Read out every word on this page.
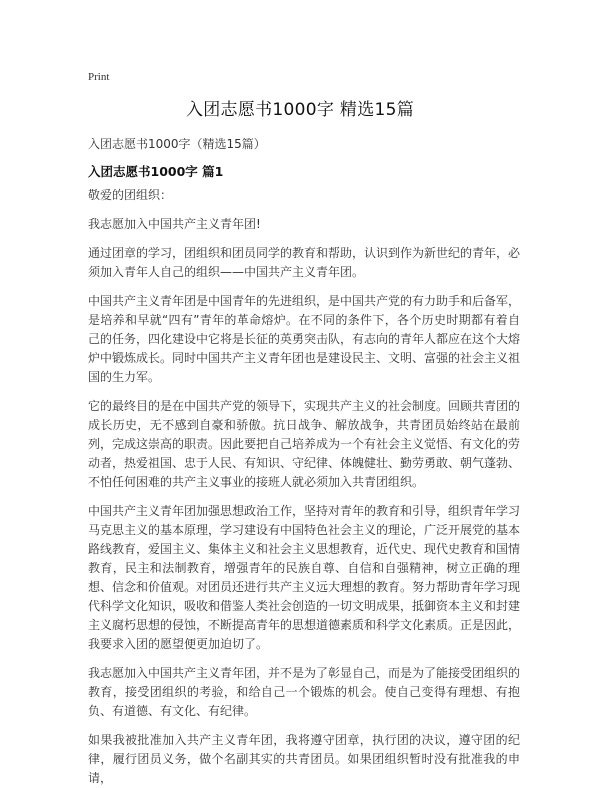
Print
入团志愿书1000字 精选15篇
入团志愿书1000字（精选15篇）
入团志愿书1000字 篇1

敬爱的团组织：

我志愿加入中国共产主义青年团!

通过团章的学习，团组织和团员同学的教育和帮助，认识到作为新世纪的青年，必须加入青年人自己的组织——中国共产主义青年团。

中国共产主义青年团是中国青年的先进组织，是中国共产党的有力助手和后备军，是培养和早就“四有”青年的革命熔炉。在不同的条件下，各个历史时期都有着自己的任务，四化建设中它将是长征的英勇突击队，有志向的青年人都应在这个大熔炉中锻炼成长。同时中国共产主义青年团也是建设民主、文明、富强的社会主义祖国的生力军。

它的最终目的是在中国共产党的领导下，实现共产主义的社会制度。回顾共青团的成长历史，无不感到自豪和骄傲。抗日战争、解放战争，共青团员始终站在最前列，完成这崇高的职责。因此要把自己培养成为一个有社会主义觉悟、有文化的劳动者，热爱祖国、忠于人民、有知识、守纪律、体魄健壮、勤劳勇敢、朝气蓬勃、不怕任何困难的共产主义事业的接班人就必须加入共青团组织。

中国共产主义青年团加强思想政治工作，坚持对青年的教育和引导，组织青年学习马克思主义的基本原理，学习建设有中国特色社会主义的理论，广泛开展党的基本路线教育，爱国主义、集体主义和社会主义思想教育，近代史、现代史教育和国情教育，民主和法制教育，增强青年的民族自尊、自信和自强精神，树立正确的理想、信念和价值观。对团员还进行共产主义远大理想的教育。努力帮助青年学习现代科学文化知识，吸收和借鉴人类社会创造的一切文明成果，抵御资本主义和封建主义腐朽思想的侵蚀，不断提高青年的思想道德素质和科学文化素质。正是因此，我要求入团的愿望便更加迫切了。

我志愿加入中国共产主义青年团，并不是为了彰显自己，而是为了能接受团组织的教育，接受团组织的考验，和给自己一个锻炼的机会。使自己变得有理想、有抱负、有道德、有文化、有纪律。

如果我被批准加入共产主义青年团，我将遵守团章，执行团的决议，遵守团的纪律，履行团员义务，做个名副其实的共青团员。如果团组织暂时没有批准我的申请，
